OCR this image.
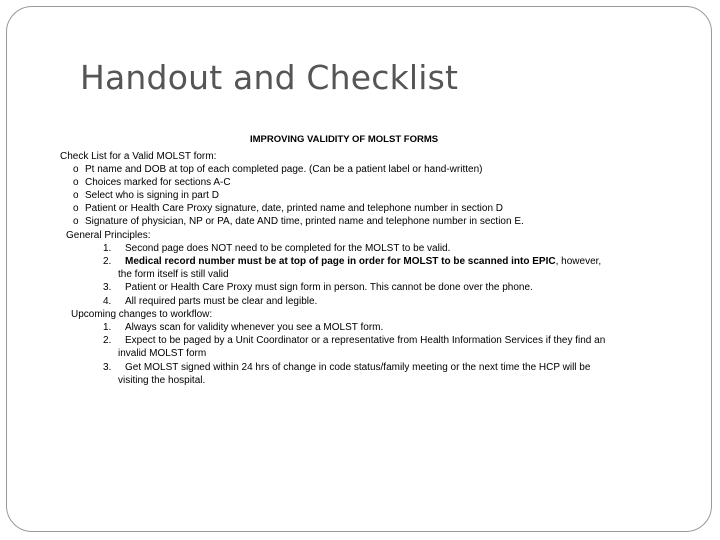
Handout and Checklist
IMPROVING VALIDITY OF MOLST FORMS
Check List for a Valid MOLST form:
o Pt name and DOB at top of each completed page. (Can be a patient label or hand-written)
o Choices marked for sections A-C
o Select who is signing in part D
o Patient or Health Care Proxy signature, date, printed name and telephone number in section D
o Signature of physician, NP or PA, date AND time, printed name and telephone number in section E.
General Principles:
1. Second page does NOT need to be completed for the MOLST to be valid.
2. Medical record number must be at top of page in order for MOLST to be scanned into EPIC, however,
the form itself is still valid
3. Patient or Health Care Proxy must sign form in person. This cannot be done over the phone.
4. All required parts must be clear and legible.
Upcoming changes to workflow:
1. Always scan for validity whenever you see a MOLST form.
2. Expect to be paged by a Unit Coordinator or a representative from Health Information Services if they find an
invalid MOLST form
3. Get MOLST signed within 24 hrs of change in code status/family meeting or the next time the HCP will be
visiting the hospital.
